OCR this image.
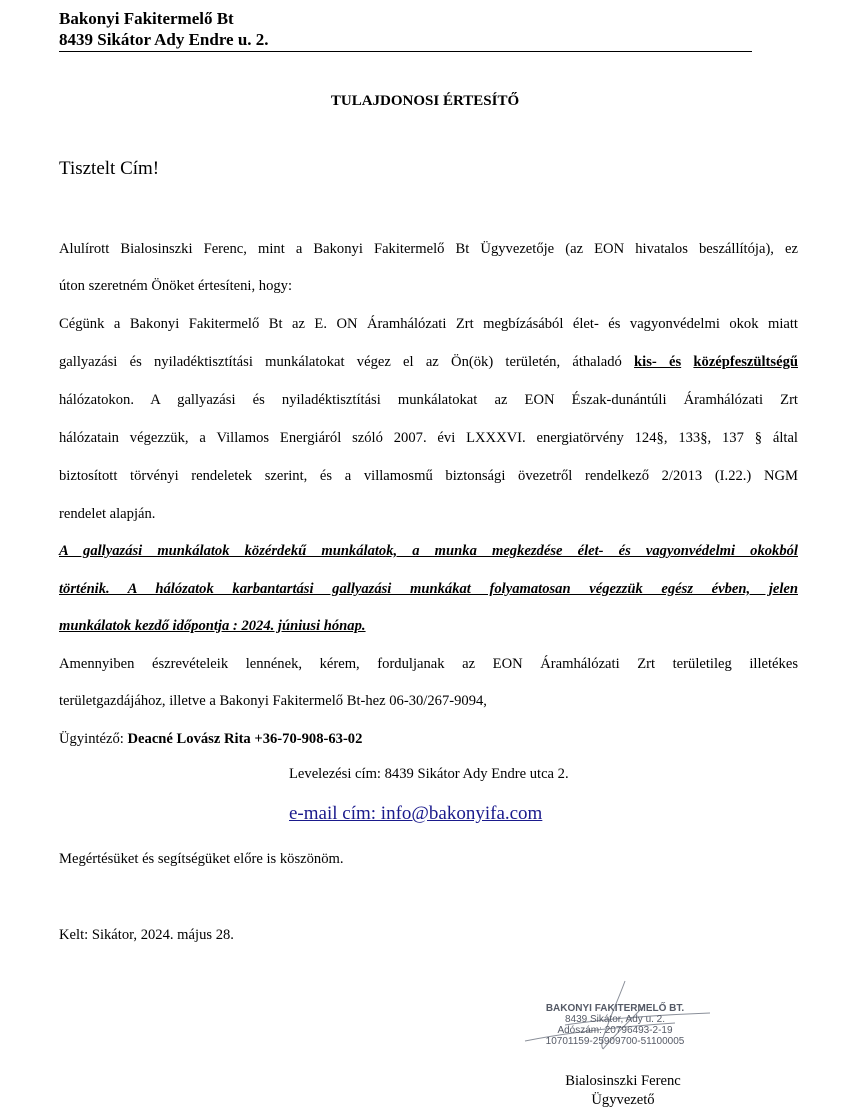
Bakonyi Fakitermelő Bt
8439 Sikátor Ady Endre u. 2.
TULAJDONOSI ÉRTESÍTŐ
Tisztelt Cím!
Alulírott Bialosinszki Ferenc, mint a Bakonyi Fakitermelő Bt Ügyvezetője (az EON hivatalos beszállítója), ez
úton szeretném Önöket értesíteni, hogy:
Cégünk a Bakonyi Fakitermelő Bt az E. ON Áramhálózati Zrt megbízásából élet- és vagyonvédelmi okok miatt
gallyazási és nyiladéktisztítási munkálatokat végez el az Ön(ök) területén, áthaladó kis- és középfeszültségű
hálózatokon. A gallyazási és nyiladéktisztítási munkálatokat az EON Észak-dunántúli Áramhálózati Zrt
hálózatain végezzük, a Villamos Energiáról szóló 2007. évi LXXXVI. energiatörvény 124§, 133§, 137 § által
biztosított törvényi rendeletek szerint, és a villamosmű biztonsági övezetről rendelkező 2/2013 (I.22.) NGM
rendelet alapján.
A gallyazási munkálatok közérdekű munkálatok, a munka megkezdése élet- és vagyonvédelmi okokból
történik. A hálózatok karbantartási gallyazási munkákat folyamatosan végezzük egész évben, jelen
munkálatok kezdő időpontja : 2024. júniusi hónap.
Amennyiben észrevételeik lennének, kérem, forduljanak az EON Áramhálózati Zrt területileg illetékes
területgazdájához, illetve a Bakonyi Fakitermelő Bt-hez 06-30/267-9094,
Ügyintéző: Deacné Lovász Rita +36-70-908-63-02
Levelezési cím: 8439 Sikátor Ady Endre utca 2.
e-mail cím: info@bakonyifa.com
Megértésüket és segítségüket előre is köszönöm.
Kelt: Sikátor, 2024. május 28.
BAKONYI FAKITERMELŐ BT.
8439 Sikátor, Ady u. 2.
Adószám: 20796493-2-19
10701159-25909700-51100005
Bialosinszki Ferenc
Ügyvezető
